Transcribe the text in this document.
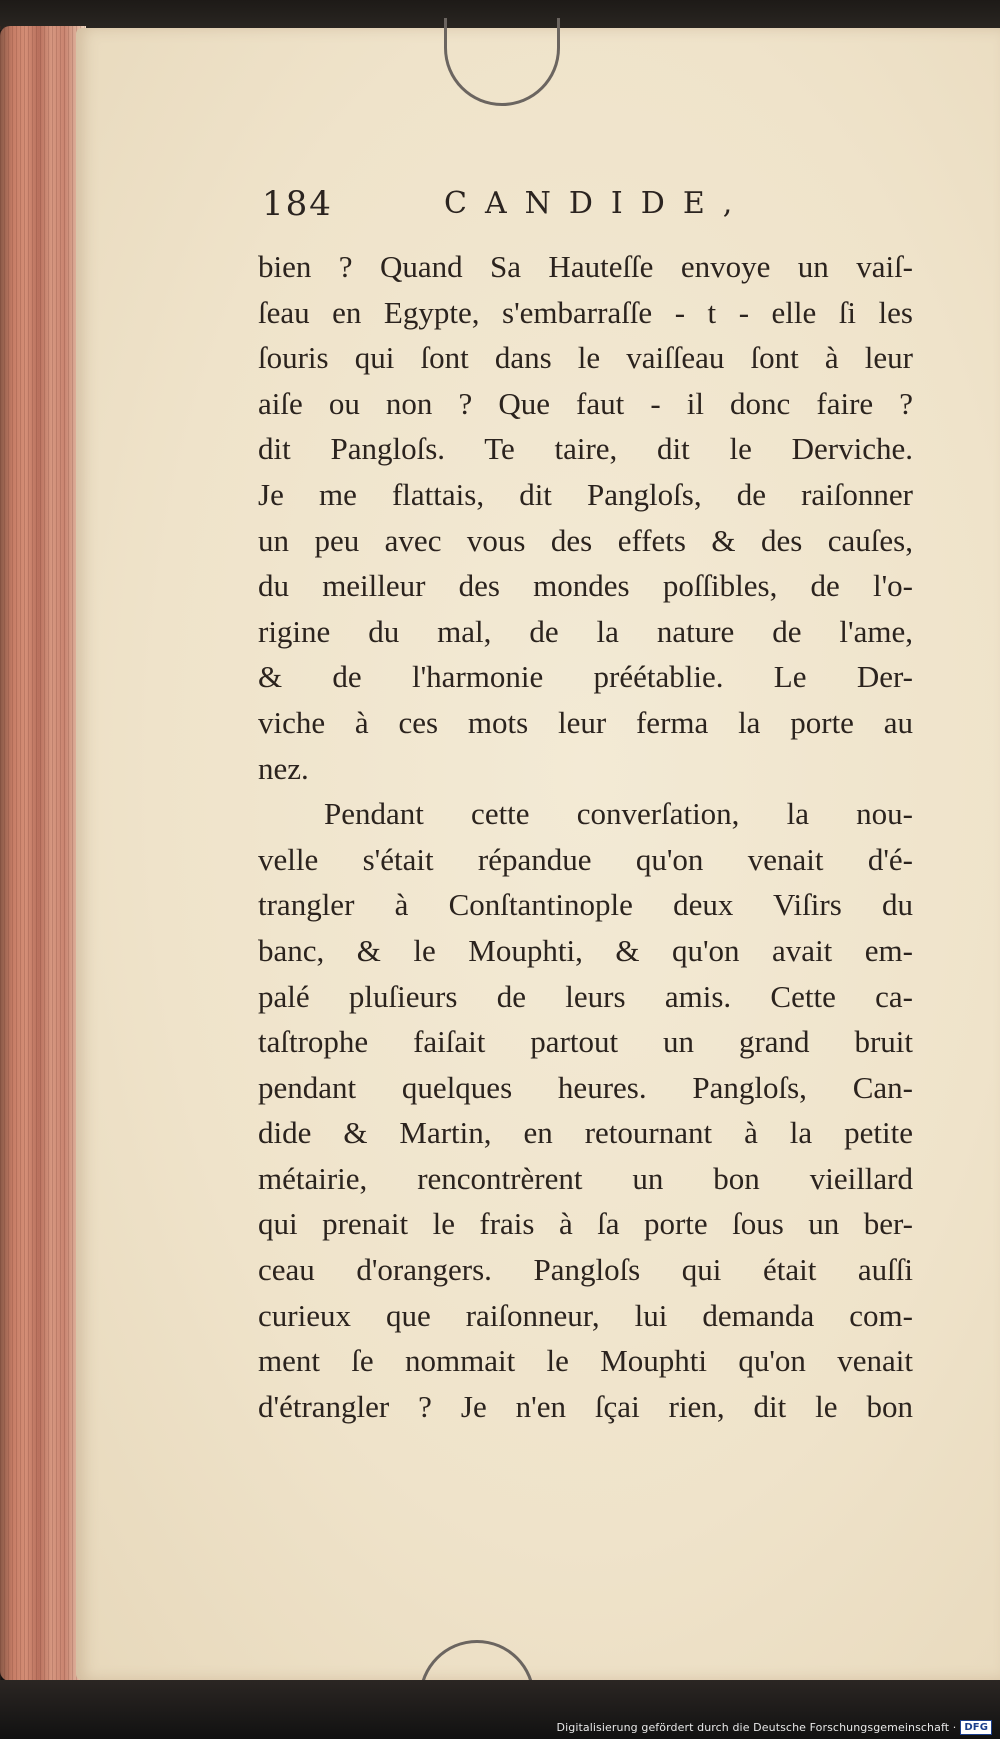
184	CANDIDE,
bien ? Quand Sa Hauteſſe envoye un vaiſ-
ſeau en Egypte, s'embarraſſe - t - elle ſi les
ſouris qui ſont dans le vaiſſeau ſont à leur
aiſe ou non ? Que faut - il donc faire ?
dit Pangloſs. Te taire, dit le Derviche.
Je me flattais, dit Pangloſs, de raiſonner
un peu avec vous des effets & des cauſes,
du meilleur des mondes poſſibles, de l'o-
rigine du mal, de la nature de l'ame,
& de l'harmonie préétablie. Le Der-
viche à ces mots leur ferma la porte au
nez.
Pendant cette converſation, la nou-
velle s'était répandue qu'on venait d'é-
trangler à Conſtantinople deux Viſirs du
banc, & le Mouphti, & qu'on avait em-
palé pluſieurs de leurs amis. Cette ca-
taſtrophe faiſait partout un grand bruit
pendant quelques heures. Pangloſs, Can-
dide & Martin, en retournant à la petite
métairie, rencontrèrent un bon vieillard
qui prenait le frais à ſa porte ſous un ber-
ceau d'orangers. Pangloſs qui était auſſi
curieux que raiſonneur, lui demanda com-
ment ſe nommait le Mouphti qu'on venait
d'étrangler ? Je n'en ſçai rien, dit le bon
Digitalisierung gefördert durch die Deutsche Forschungsgemeinschaft · DFG
